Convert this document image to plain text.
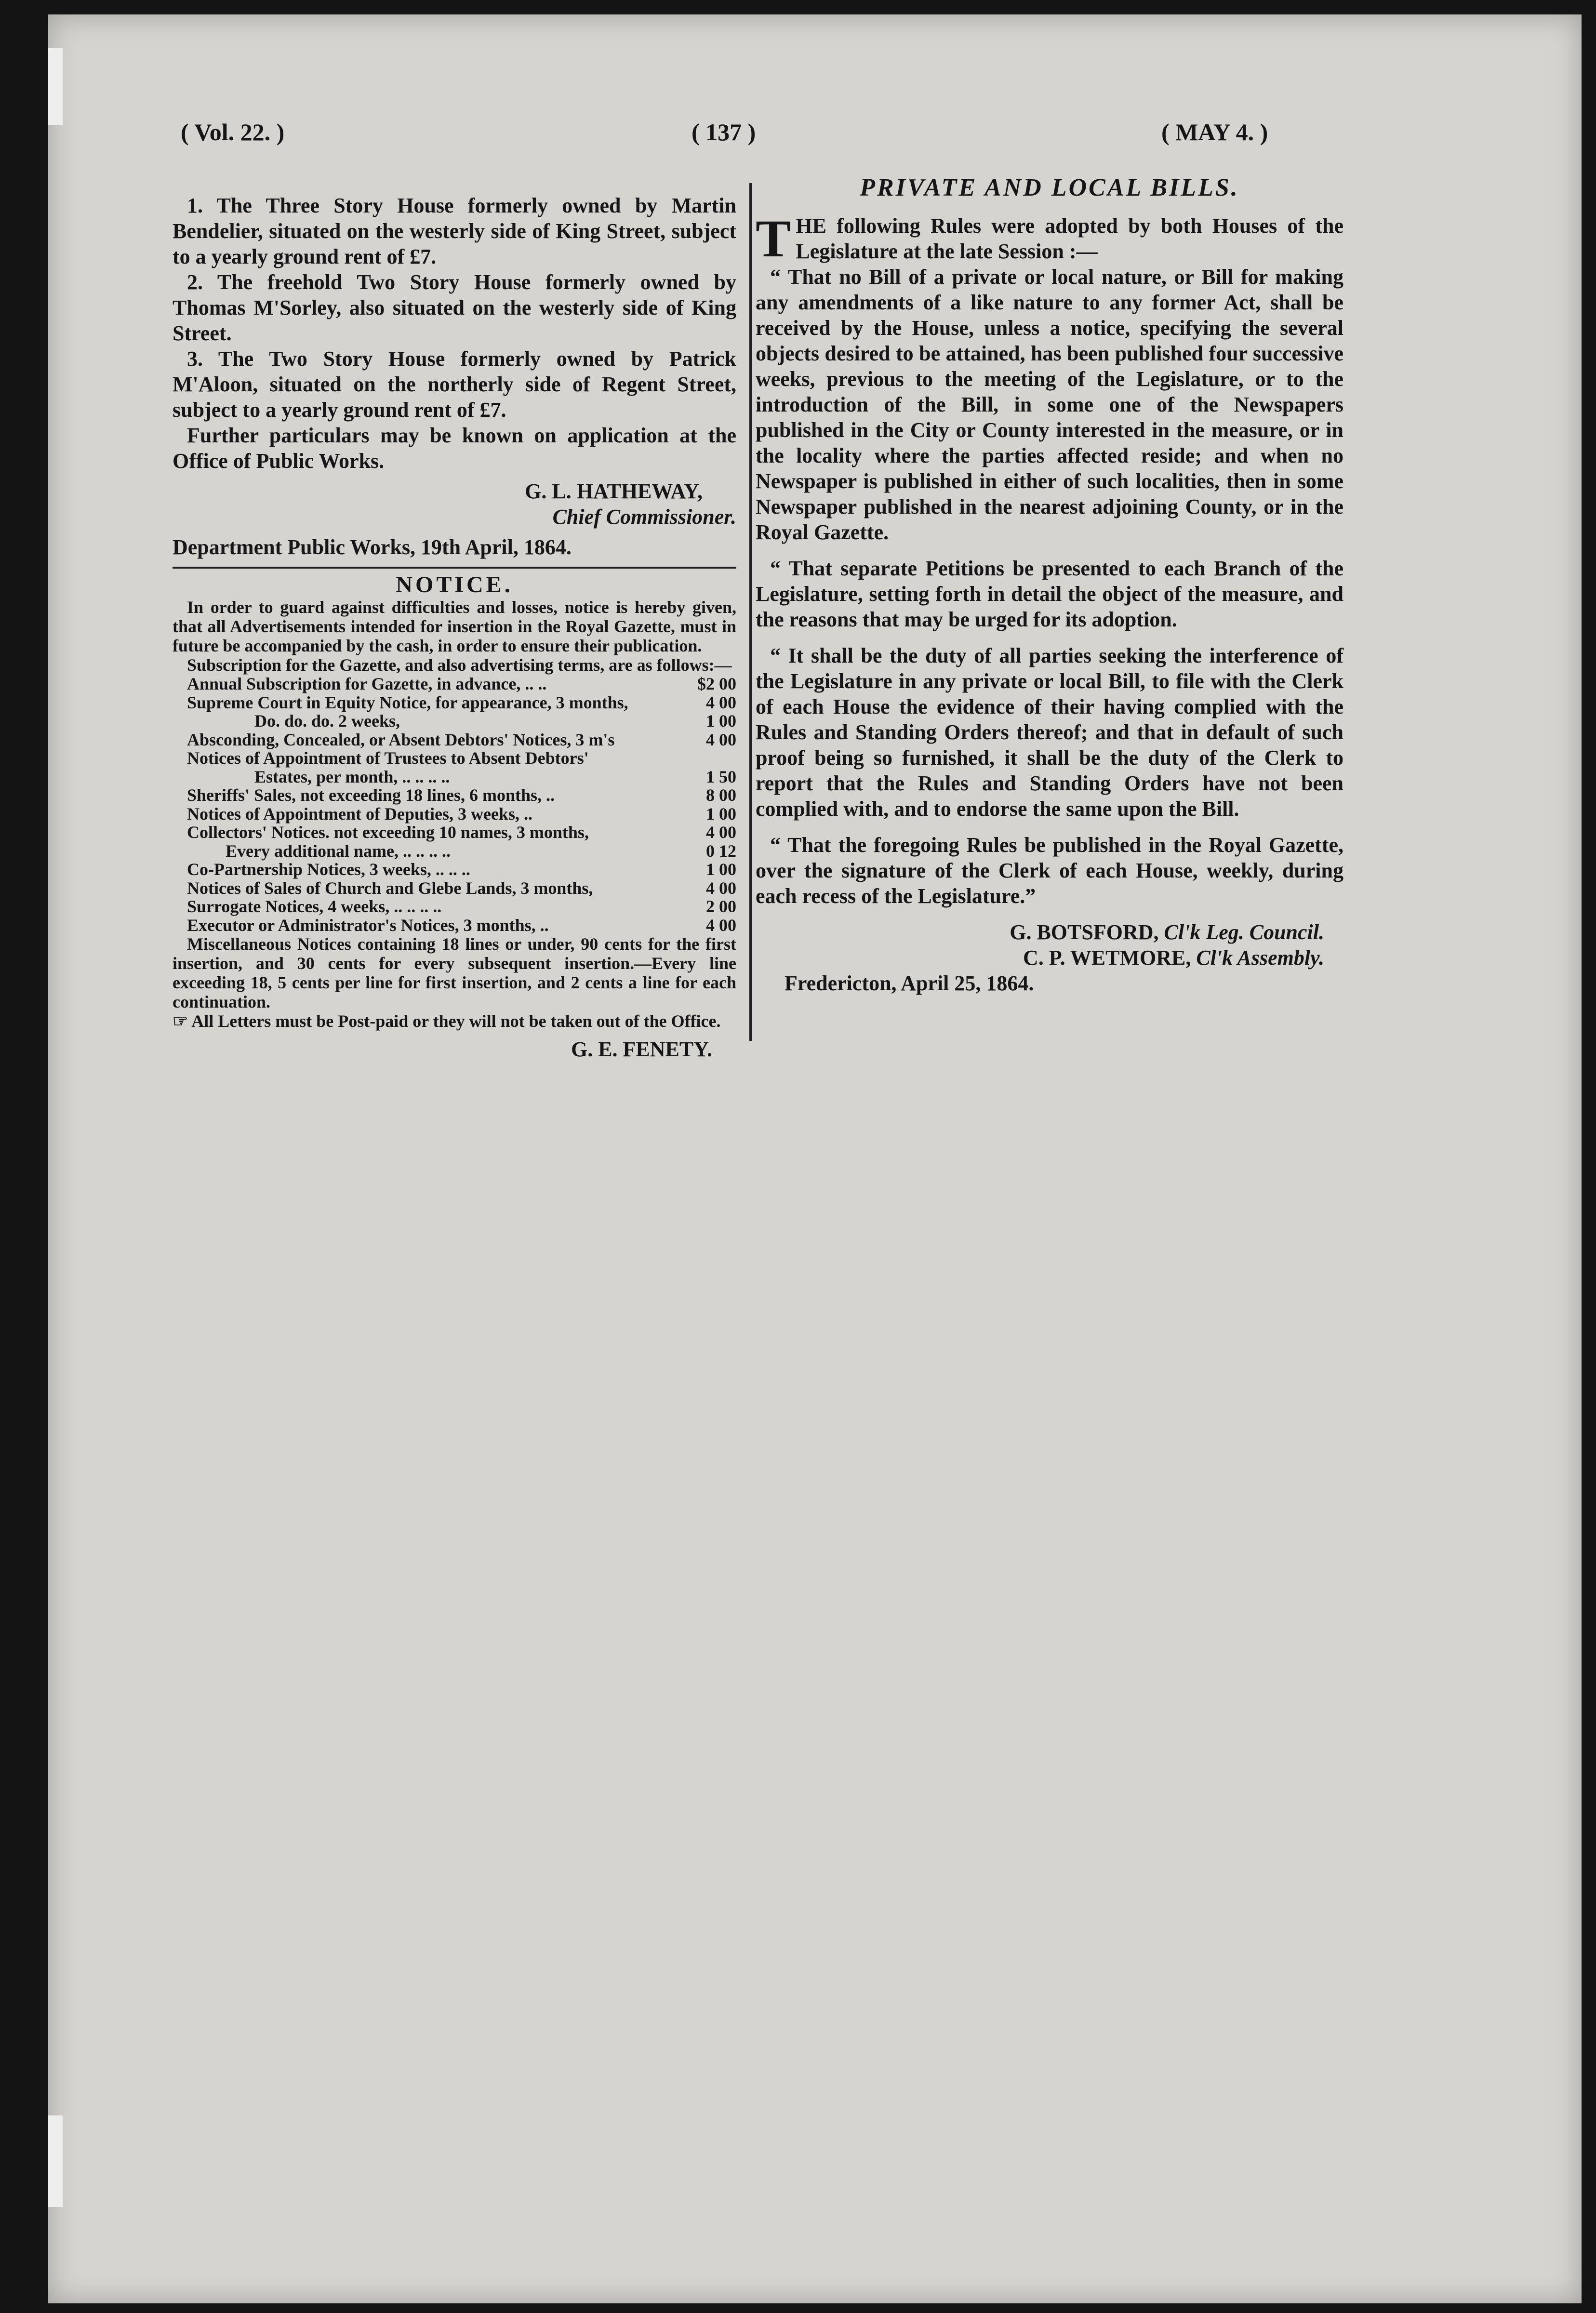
( Vol. 22. )	( 137 )	( MAY 4. )

1. The Three Story House formerly owned by Martin Bendelier, situated on the westerly side of King Street, subject to a yearly ground rent of £7.

2. The freehold Two Story House formerly owned by Thomas M'Sorley, also situated on the westerly side of King Street.

3. The Two Story House formerly owned by Patrick M'Aloon, situated on the northerly side of Regent Street, subject to a yearly ground rent of £7.

Further particulars may be known on application at the Office of Public Works.

G. L. HATHEWAY,

Chief Commissioner.

Department Public Works, 19th April, 1864.

NOTICE.

In order to guard against difficulties and losses, notice is hereby given, that all Advertisements intended for insertion in the Royal Gazette, must in future be accompanied by the cash, in order to ensure their publication.

Subscription for the Gazette, and also advertising terms, are as follows:—

Annual Subscription for Gazette, in advance, .. ..	$2 00
Supreme Court in Equity Notice, for appearance, 3 months,	4 00
Do. do. do. 2 weeks,	1 00
Absconding, Concealed, or Absent Debtors' Notices, 3 m's	4 00
Notices of Appointment of Trustees to Absent Debtors'
Estates, per month, .. .. .. ..	1 50
Sheriffs' Sales, not exceeding 18 lines, 6 months, ..	8 00
Notices of Appointment of Deputies, 3 weeks, ..	1 00
Collectors' Notices. not exceeding 10 names, 3 months,	4 00
Every additional name, .. .. .. ..	0 12
Co-Partnership Notices, 3 weeks, .. .. ..	1 00
Notices of Sales of Church and Glebe Lands, 3 months,	4 00
Surrogate Notices, 4 weeks, .. .. .. ..	2 00
Executor or Administrator's Notices, 3 months, ..	4 00

Miscellaneous Notices containing 18 lines or under, 90 cents for the first insertion, and 30 cents for every subsequent insertion.—Every line exceeding 18, 5 cents per line for first insertion, and 2 cents a line for each continuation.

☞ All Letters must be Post-paid or they will not be taken out of the Office.

G. E. FENETY.

PRIVATE AND LOCAL BILLS.

T HE following Rules were adopted by both Houses of the Legislature at the late Session :—

“ That no Bill of a private or local nature, or Bill for making any amendments of a like nature to any former Act, shall be received by the House, unless a notice, specifying the several objects desired to be attained, has been published four successive weeks, previous to the meeting of the Legislature, or to the introduction of the Bill, in some one of the Newspapers published in the City or County interested in the measure, or in the locality where the parties affected reside; and when no Newspaper is published in either of such localities, then in some Newspaper published in the nearest adjoining County, or in the Royal Gazette.

“ That separate Petitions be presented to each Branch of the Legislature, setting forth in detail the object of the measure, and the reasons that may be urged for its adoption.

“ It shall be the duty of all parties seeking the interference of the Legislature in any private or local Bill, to file with the Clerk of each House the evidence of their having complied with the Rules and Standing Orders thereof; and that in default of such proof being so furnished, it shall be the duty of the Clerk to report that the Rules and Standing Orders have not been complied with, and to endorse the same upon the Bill.

“ That the foregoing Rules be published in the Royal Gazette, over the signature of the Clerk of each House, weekly, during each recess of the Legislature.”

G. BOTSFORD, Cl'k Leg. Council.

C. P. WETMORE, Cl'k Assembly.

Fredericton, April 25, 1864.
